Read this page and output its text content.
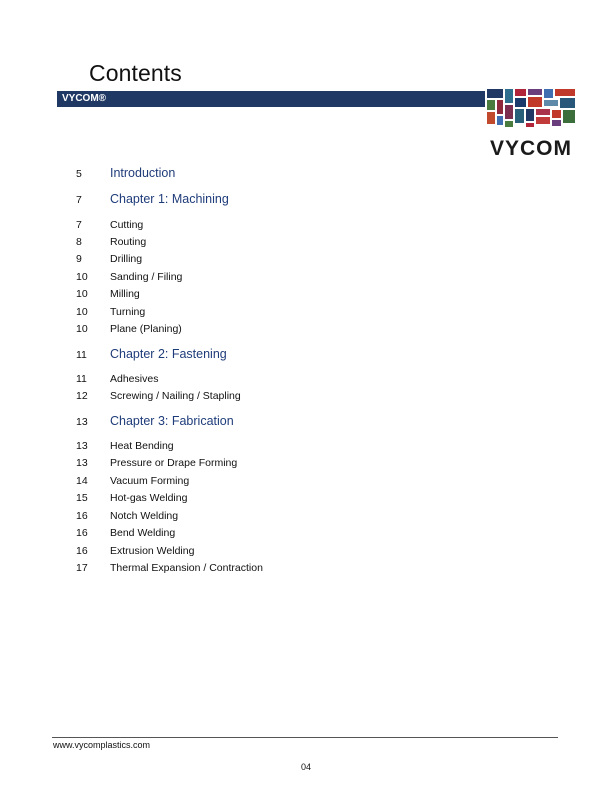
Contents
VYCOM®
VYCOM
5 Introduction
7 Chapter 1: Machining
7	Cutting
8	Routing
9	Drilling
10 Sanding / Filing
10 Milling
10 Turning
10 Plane (Planing)
11 Chapter 2: Fastening
11 Adhesives
12 Screwing / Nailing / Stapling
13 Chapter 3: Fabrication
13 Heat Bending
13 Pressure or Drape Forming
14 Vacuum Forming
15 Hot-gas Welding
16 Notch Welding
16 Bend Welding
16 Extrusion Welding
17 Thermal Expansion / Contraction
www.vycomplastics.com
04
